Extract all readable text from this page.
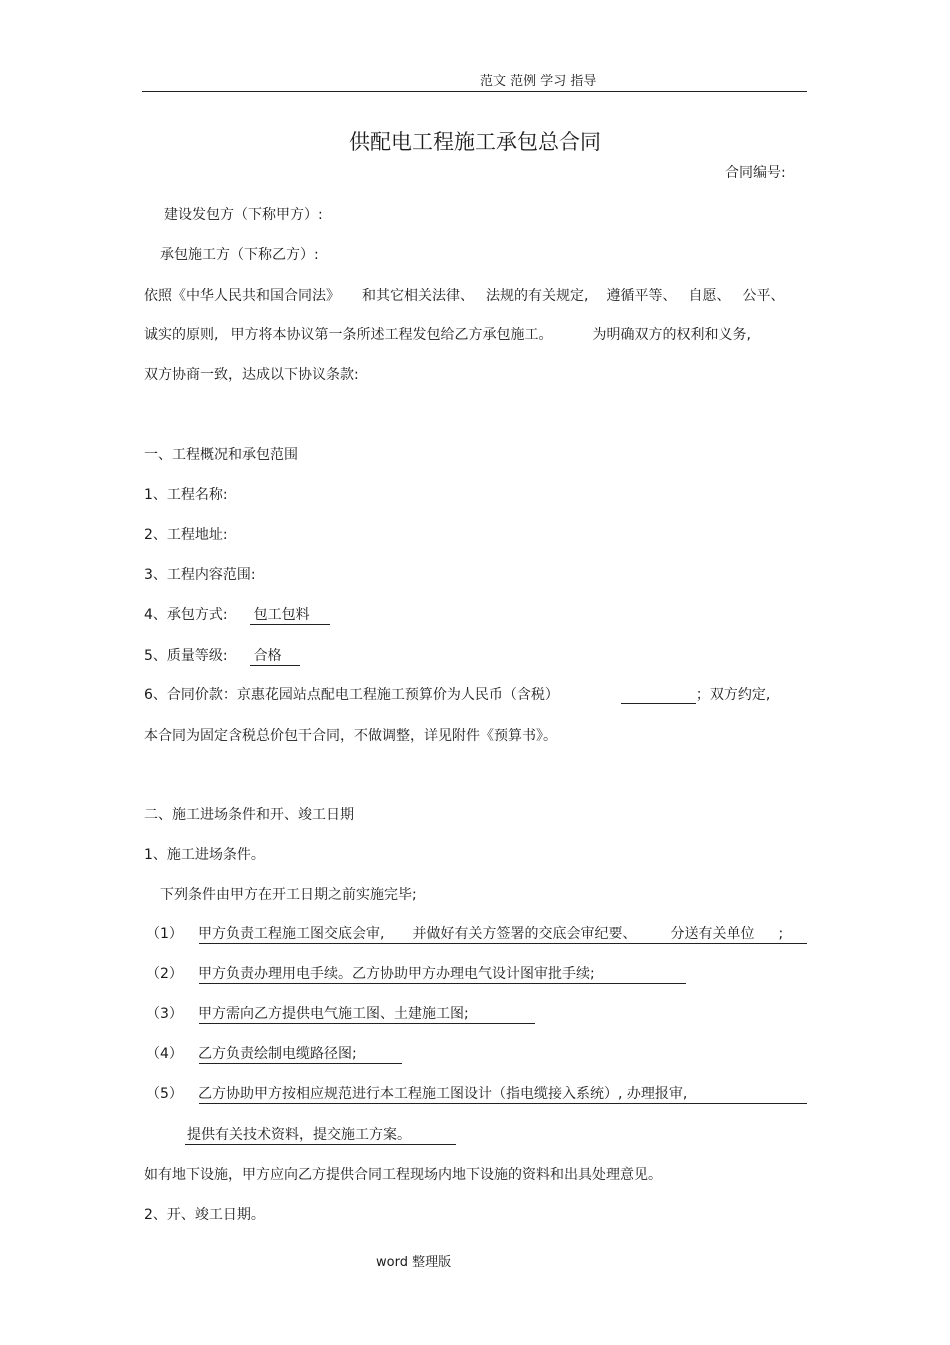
范文 范例 学习 指导
供配电工程施工承包总合同
合同编号:
建设发包方（下称甲方）:
承包施工方（下称乙方）:
依照《中华人民共和国合同法》 和其它相关法律、 法规的有关规定, 遵循平等、 自愿、 公平、
诚实的原则, 甲方将本协议第一条所述工程发包给乙方承包施工。	为明确双方的权利和义务,
双方协商一致，达成以下协议条款:
一、工程概况和承包范围
1、工程名称:
2、工程地址:
3、工程内容范围:
4、承包方式: 包工包料
5、质量等级: 合格
6、合同价款：京惠花园站点配电工程施工预算价为人民币（含税）	；双方约定,
本合同为固定含税总价包干合同，不做调整，详见附件《预算书》。
二、施工进场条件和开、竣工日期
1、施工进场条件。
下列条件由甲方在开工日期之前实施完毕;
（1） 甲方负责工程施工图交底会审, 并做好有关方签署的交底会审纪要、 分送有关单位 ;
（2） 甲方负责办理用电手续。乙方协助甲方办理电气设计图审批手续;
（3） 甲方需向乙方提供电气施工图、土建施工图;
（4） 乙方负责绘制电缆路径图;
（5） 乙方协助甲方按相应规范进行本工程施工图设计（指电缆接入系统）, 办理报审,
提供有关技术资料，提交施工方案。
如有地下设施，甲方应向乙方提供合同工程现场内地下设施的资料和出具处理意见。
2、开、竣工日期。
word 整理版
